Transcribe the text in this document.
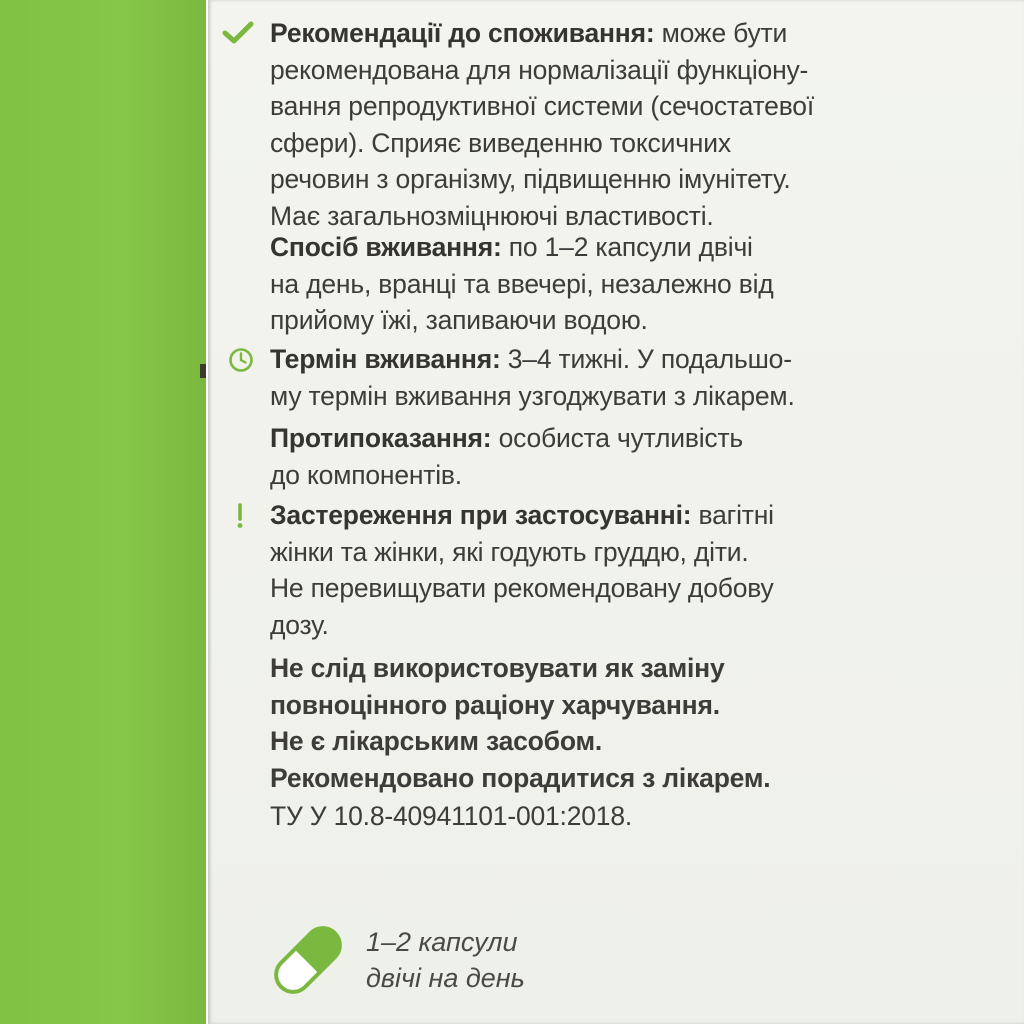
Рекомендації до споживання: може бути
рекомендована для нормалізації функціону-
вання репродуктивної системи (сечостатевої
сфери). Сприяє виведенню токсичних
речовин з організму, підвищенню імунітету.
Має загальнозміцнюючі властивості.
Спосіб вживання: по 1–2 капсули двічі
на день, вранці та ввечері, незалежно від
прийому їжі, запиваючи водою.
Термін вживання: 3–4 тижні. У подальшо-
му термін вживання узгоджувати з лікарем.
Протипоказання: особиста чутливість
до компонентів.
Застереження при застосуванні: вагітні
жінки та жінки, які годують груддю, діти.
Не перевищувати рекомендовану добову
дозу.
Не слід використовувати як заміну
повноцінного раціону харчування.
Не є лікарським засобом.
Рекомендовано порадитися з лікарем.
ТУ У 10.8-40941101-001:2018.
1–2 капсули
двічі на день
